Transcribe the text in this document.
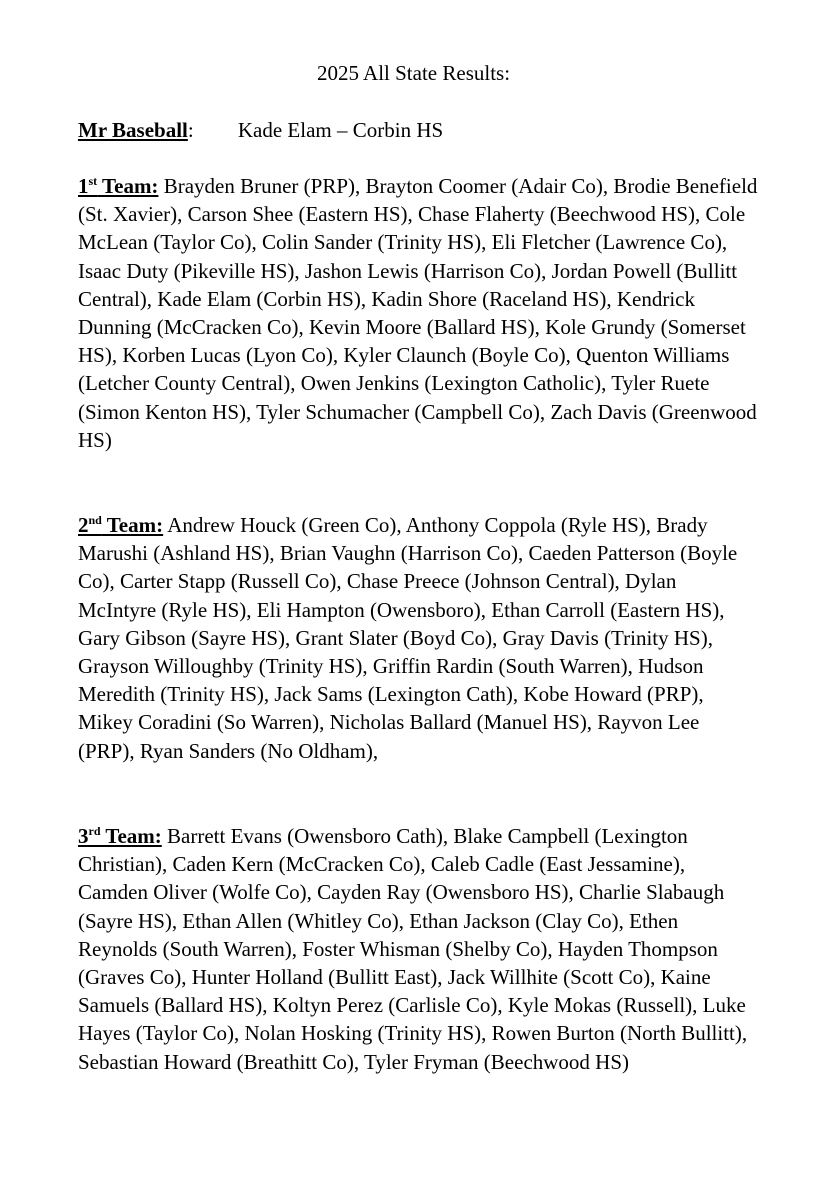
2025 All State Results:
Mr Baseball: Kade Elam – Corbin HS

1st Team: Brayden Bruner (PRP), Brayton Coomer (Adair Co), Brodie Benefield (St. Xavier), Carson Shee (Eastern HS), Chase Flaherty (Beechwood HS), Cole McLean (Taylor Co), Colin Sander (Trinity HS), Eli Fletcher (Lawrence Co), Isaac Duty (Pikeville HS), Jashon Lewis (Harrison Co), Jordan Powell (Bullitt Central), Kade Elam (Corbin HS), Kadin Shore (Raceland HS), Kendrick Dunning (McCracken Co), Kevin Moore (Ballard HS), Kole Grundy (Somerset HS), Korben Lucas (Lyon Co), Kyler Claunch (Boyle Co), Quenton Williams (Letcher County Central), Owen Jenkins (Lexington Catholic), Tyler Ruete (Simon Kenton HS), Tyler Schumacher (Campbell Co), Zach Davis (Greenwood HS)

2nd Team: Andrew Houck (Green Co), Anthony Coppola (Ryle HS), Brady Marushi (Ashland HS), Brian Vaughn (Harrison Co), Caeden Patterson (Boyle Co), Carter Stapp (Russell Co), Chase Preece (Johnson Central), Dylan McIntyre (Ryle HS), Eli Hampton (Owensboro), Ethan Carroll (Eastern HS), Gary Gibson (Sayre HS), Grant Slater (Boyd Co), Gray Davis (Trinity HS), Grayson Willoughby (Trinity HS), Griffin Rardin (South Warren), Hudson Meredith (Trinity HS), Jack Sams (Lexington Cath), Kobe Howard (PRP), Mikey Coradini (So Warren), Nicholas Ballard (Manuel HS), Rayvon Lee (PRP), Ryan Sanders (No Oldham),

3rd Team: Barrett Evans (Owensboro Cath), Blake Campbell (Lexington Christian), Caden Kern (McCracken Co), Caleb Cadle (East Jessamine), Camden Oliver (Wolfe Co), Cayden Ray (Owensboro HS), Charlie Slabaugh (Sayre HS), Ethan Allen (Whitley Co), Ethan Jackson (Clay Co), Ethen Reynolds (South Warren), Foster Whisman (Shelby Co), Hayden Thompson (Graves Co), Hunter Holland (Bullitt East), Jack Willhite (Scott Co), Kaine Samuels (Ballard HS), Koltyn Perez (Carlisle Co), Kyle Mokas (Russell), Luke Hayes (Taylor Co), Nolan Hosking (Trinity HS), Rowen Burton (North Bullitt), Sebastian Howard (Breathitt Co), Tyler Fryman (Beechwood HS)
